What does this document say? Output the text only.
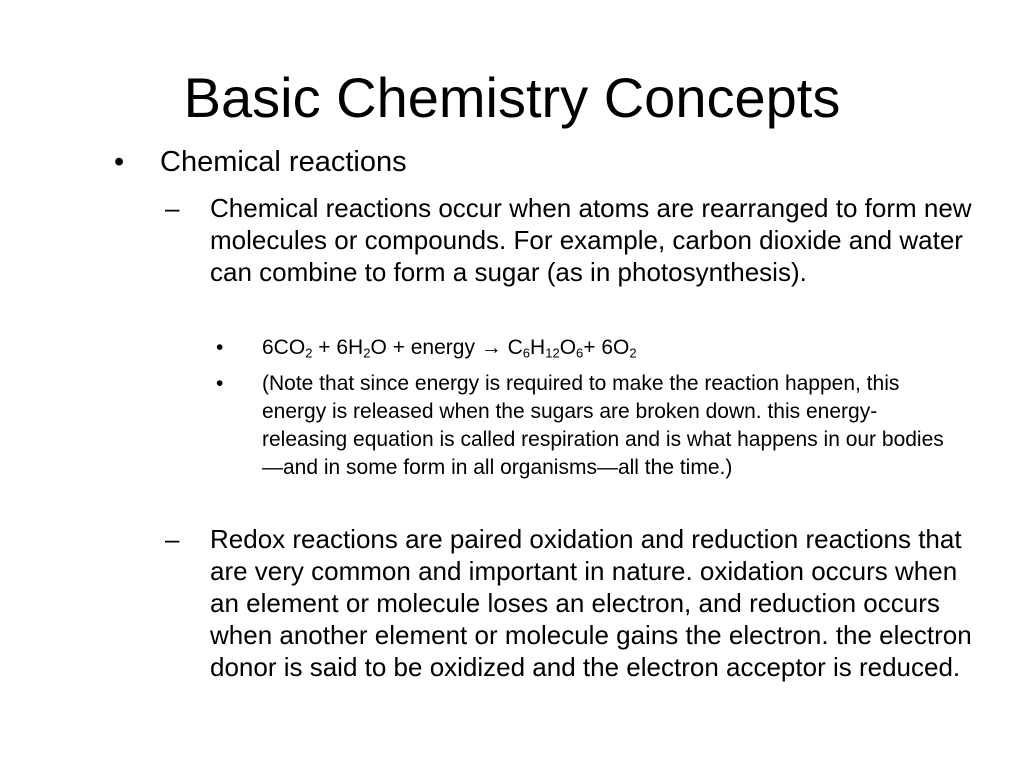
Basic Chemistry Concepts
• Chemical reactions
– Chemical reactions occur when atoms are rearranged to form new molecules or compounds. For example, carbon dioxide and water can combine to form a sugar (as in photosynthesis).
• $6CO_2 + 6H_2O$ + energy → $C_6H_{12}O_6+ 6O_2$
• (Note that since energy is required to make the reaction happen, this energy is released when the sugars are broken down. this energy-releasing equation is called respiration and is what happens in our bodies—and in some form in all organisms—all the time.)
– Redox reactions are paired oxidation and reduction reactions that are very common and important in nature. oxidation occurs when an element or molecule loses an electron, and reduction occurs when another element or molecule gains the electron. the electron donor is said to be oxidized and the electron acceptor is reduced.
